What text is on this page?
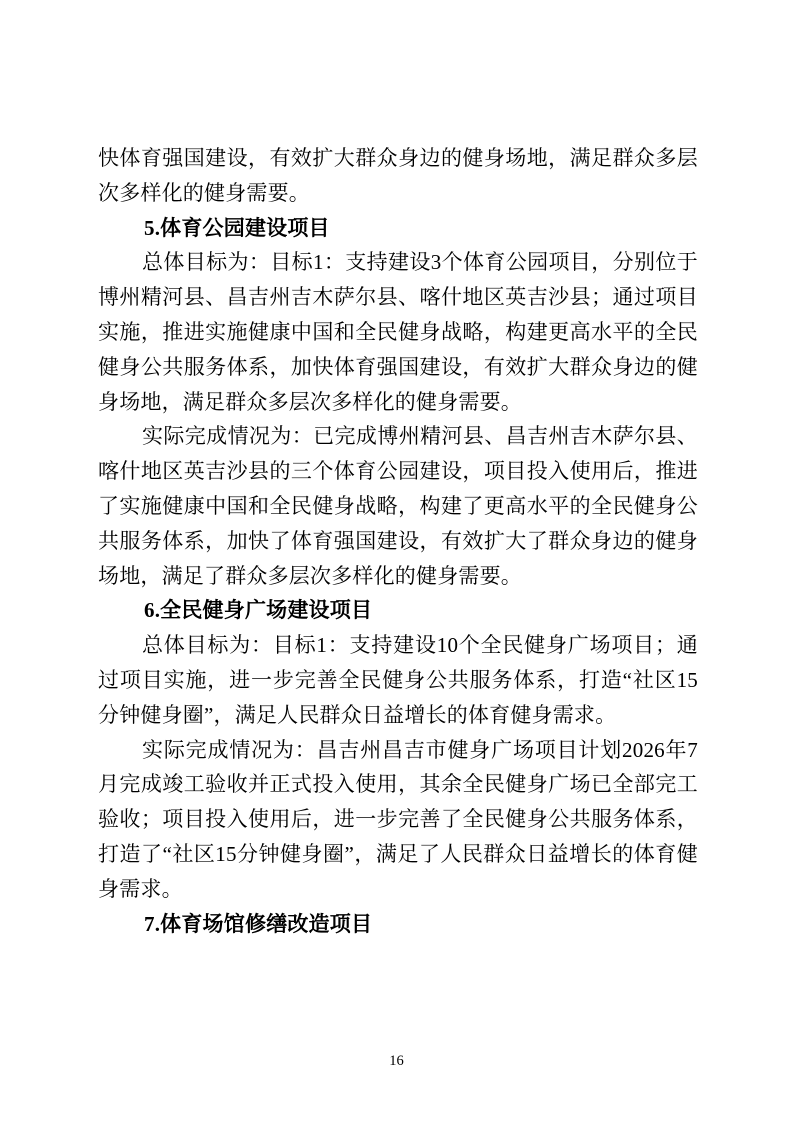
快体育强国建设，有效扩大群众身边的健身场地，满足群众多层
次多样化的健身需要。
5.体育公园建设项目
总体目标为：目标1：支持建设3个体育公园项目，分别位于
博州精河县、昌吉州吉木萨尔县、喀什地区英吉沙县；通过项目
实施，推进实施健康中国和全民健身战略，构建更高水平的全民
健身公共服务体系，加快体育强国建设，有效扩大群众身边的健
身场地，满足群众多层次多样化的健身需要。
实际完成情况为：已完成博州精河县、昌吉州吉木萨尔县、
喀什地区英吉沙县的三个体育公园建设，项目投入使用后，推进
了实施健康中国和全民健身战略，构建了更高水平的全民健身公
共服务体系，加快了体育强国建设，有效扩大了群众身边的健身
场地，满足了群众多层次多样化的健身需要。
6.全民健身广场建设项目
总体目标为：目标1：支持建设10个全民健身广场项目；通
过项目实施，进一步完善全民健身公共服务体系，打造“社区15
分钟健身圈”，满足人民群众日益增长的体育健身需求。
实际完成情况为：昌吉州昌吉市健身广场项目计划2026年7
月完成竣工验收并正式投入使用，其余全民健身广场已全部完工
验收；项目投入使用后，进一步完善了全民健身公共服务体系，
打造了“社区15分钟健身圈”，满足了人民群众日益增长的体育健
身需求。
7.体育场馆修缮改造项目
16
